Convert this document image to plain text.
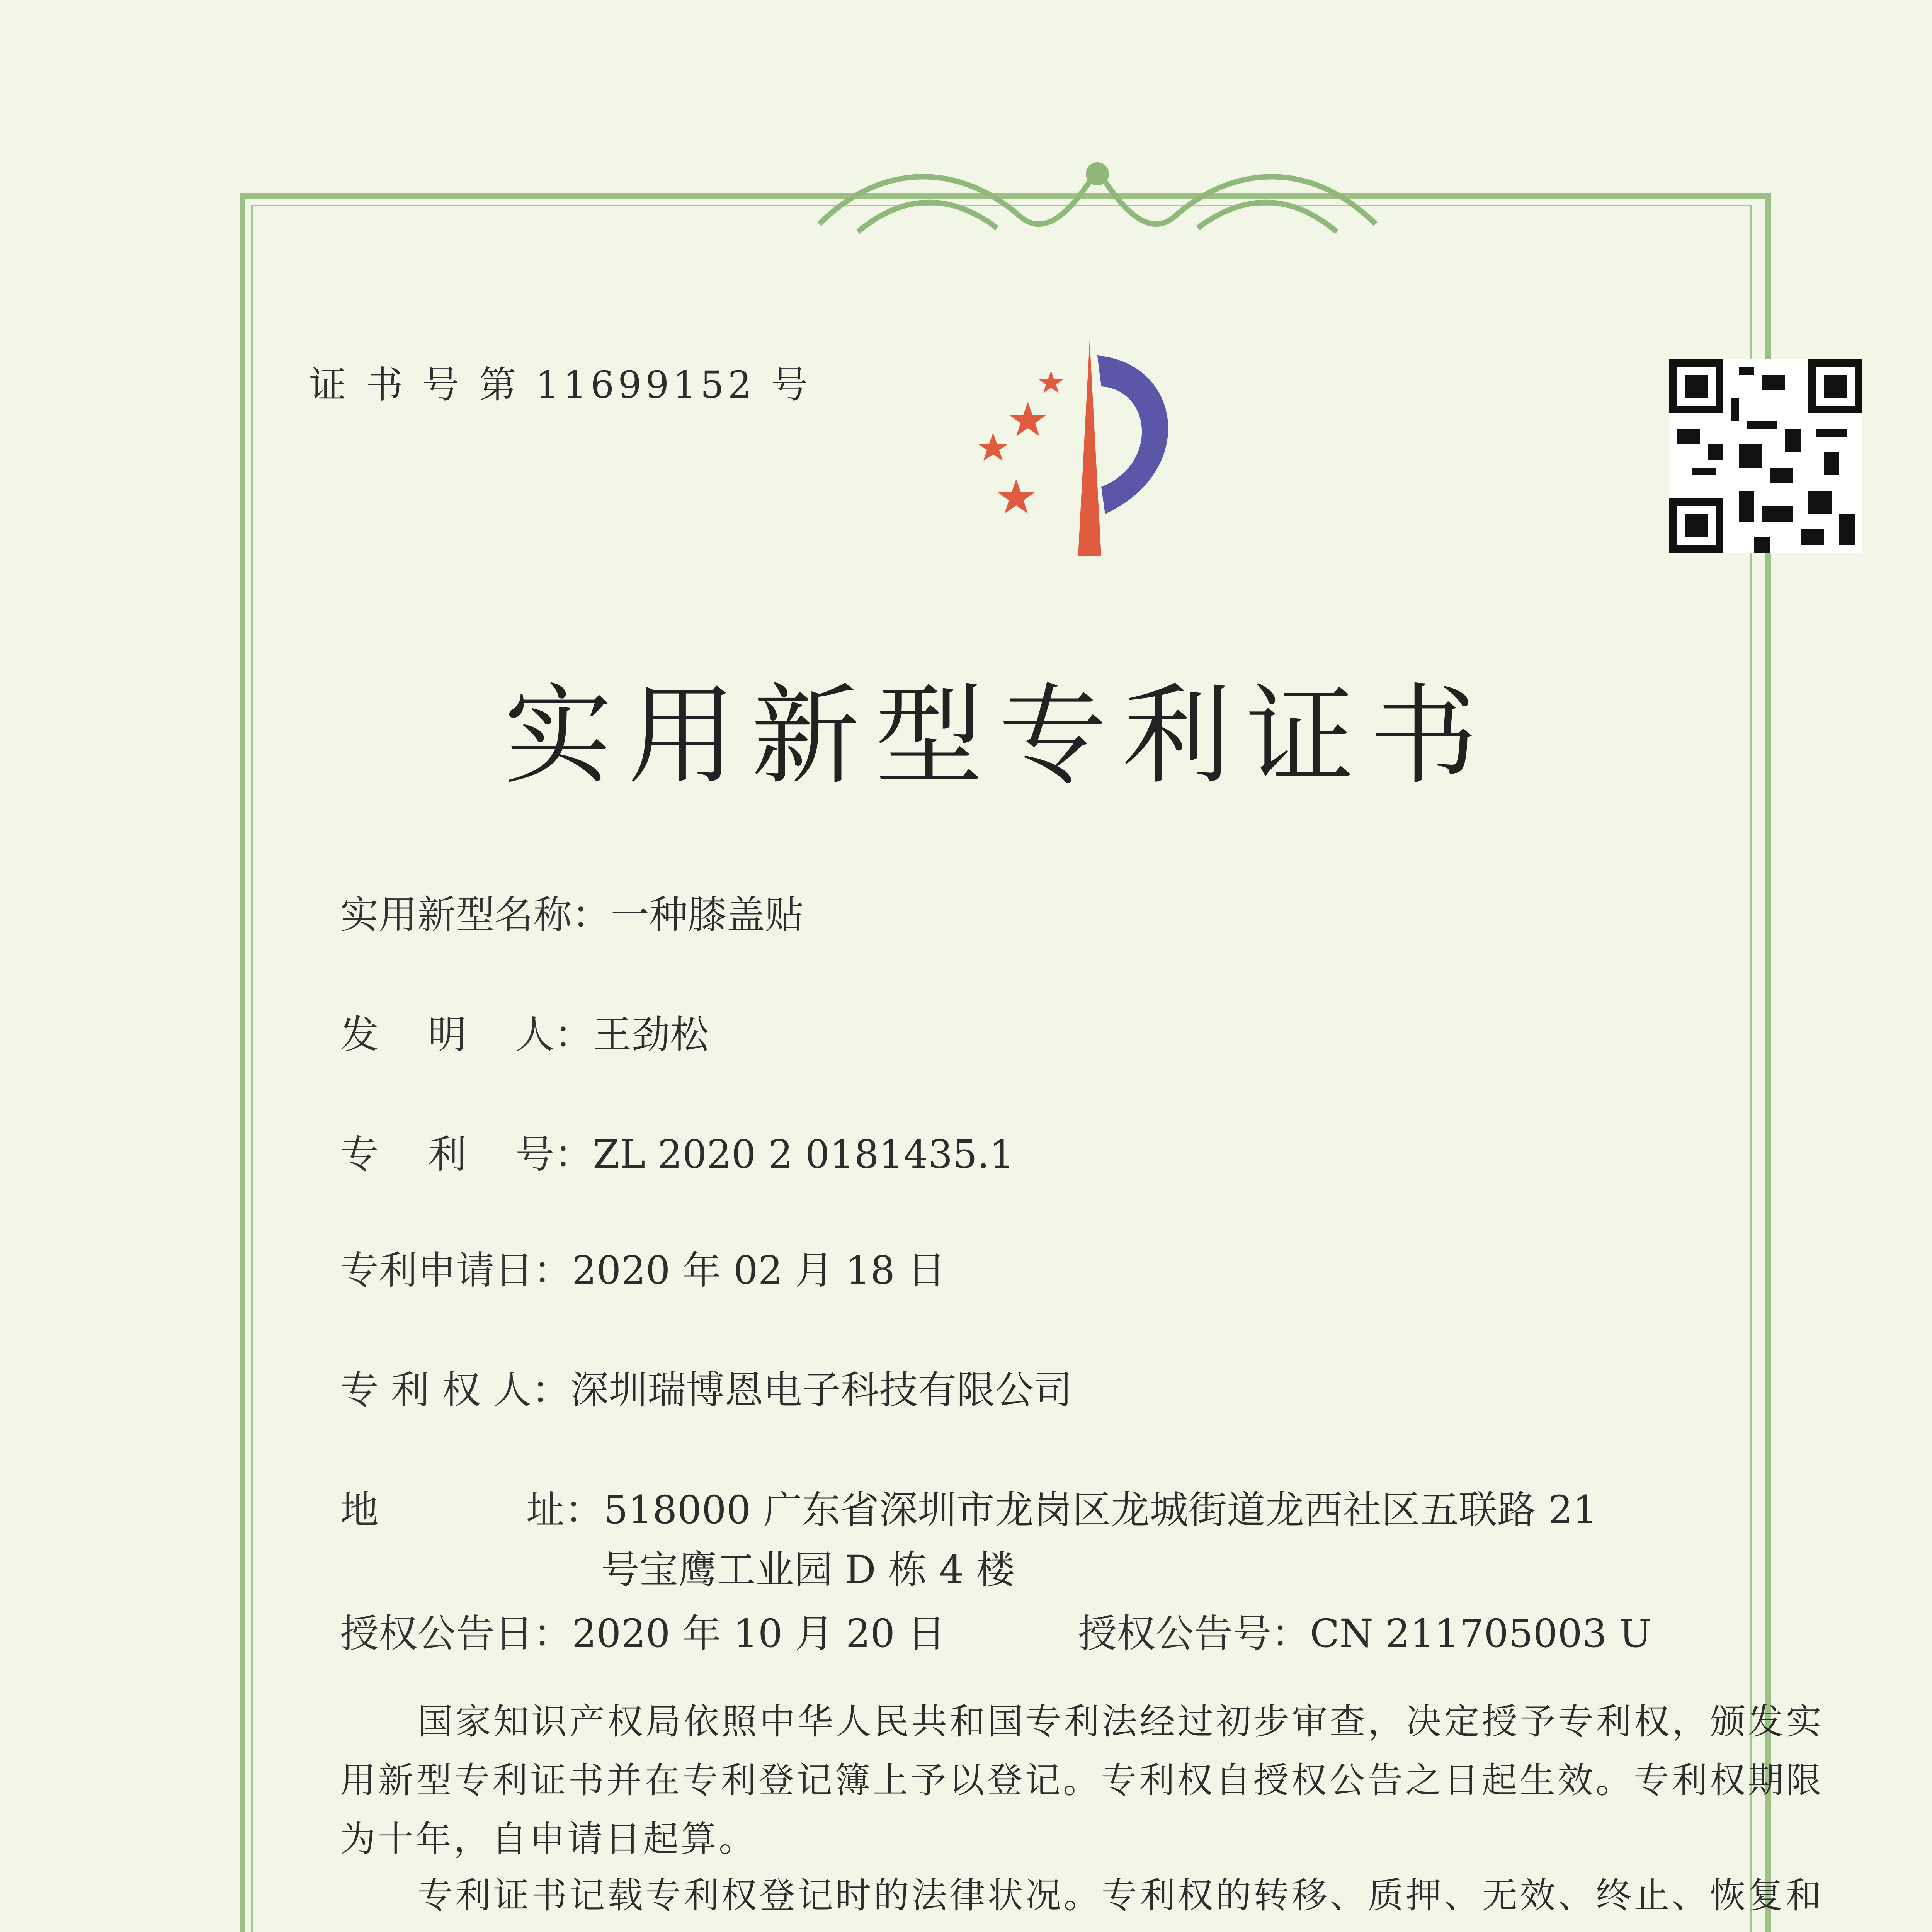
证 书 号 第 11699152 号
实用新型专利证书
实用新型名称：一种膝盖贴
发    明    人：王劲松
专    利    号：ZL 2020 2 0181435.1
专利申请日：2020 年 02 月 18 日
专 利 权 人：深圳瑞博恩电子科技有限公司
地            址：518000 广东省深圳市龙岗区龙城街道龙西社区五联路 21
号宝鹰工业园 D 栋 4 楼
授权公告日：2020 年 10 月 20 日	授权公告号：CN 211705003 U
国家知识产权局依照中华人民共和国专利法经过初步审查，决定授予专利权，颁发实用新型专利证书并在专利登记簿上予以登记。专利权自授权公告之日起生效。专利权期限为十年，自申请日起算。
专利证书记载专利权登记时的法律状况。专利权的转移、质押、无效、终止、恢复和
